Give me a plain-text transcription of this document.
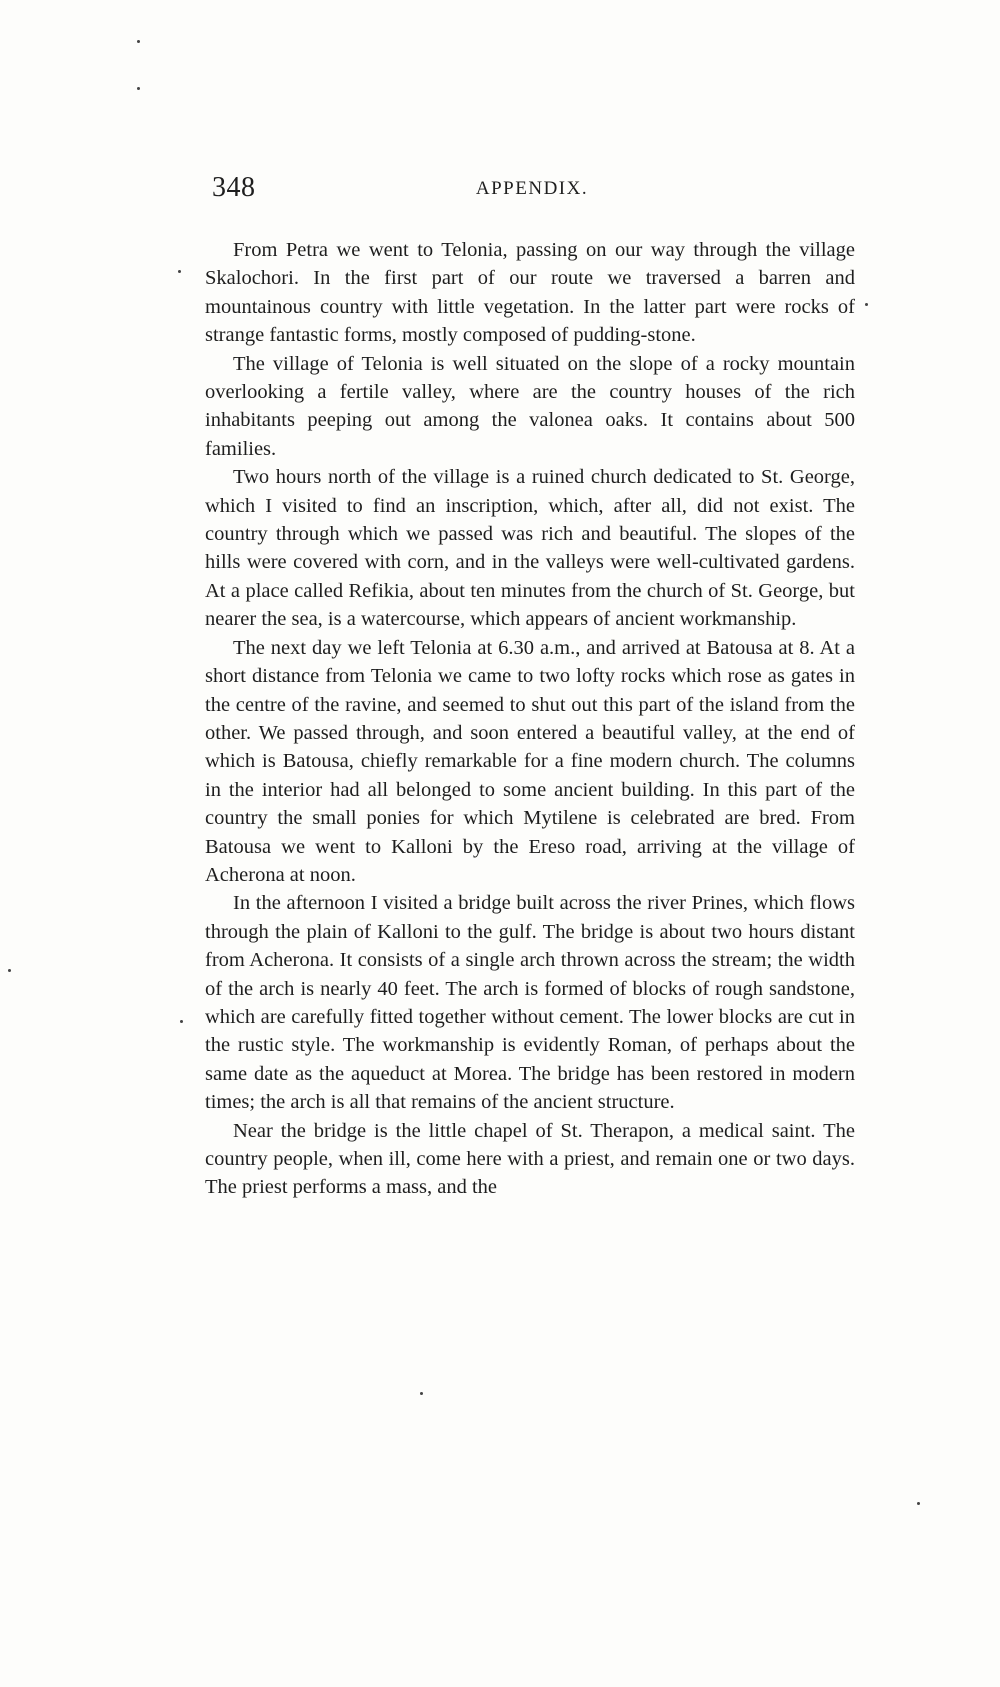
348	APPENDIX.

From Petra we went to Telonia, passing on our way through the village Skalochori. In the first part of our route we traversed a barren and mountainous country with little vegetation. In the latter part were rocks of strange fantastic forms, mostly composed of pudding-stone.

The village of Telonia is well situated on the slope of a rocky mountain overlooking a fertile valley, where are the country houses of the rich inhabitants peeping out among the valonea oaks. It contains about 500 families.

Two hours north of the village is a ruined church dedicated to St. George, which I visited to find an inscription, which, after all, did not exist. The country through which we passed was rich and beautiful. The slopes of the hills were covered with corn, and in the valleys were well-cultivated gardens. At a place called Refikia, about ten minutes from the church of St. George, but nearer the sea, is a watercourse, which appears of ancient workmanship.

The next day we left Telonia at 6.30 a.m., and arrived at Batousa at 8. At a short distance from Telonia we came to two lofty rocks which rose as gates in the centre of the ravine, and seemed to shut out this part of the island from the other. We passed through, and soon entered a beautiful valley, at the end of which is Batousa, chiefly remarkable for a fine modern church. The columns in the interior had all belonged to some ancient building. In this part of the country the small ponies for which Mytilene is celebrated are bred. From Batousa we went to Kalloni by the Ereso road, arriving at the village of Acherona at noon.

In the afternoon I visited a bridge built across the river Prines, which flows through the plain of Kalloni to the gulf. The bridge is about two hours distant from Acherona. It consists of a single arch thrown across the stream; the width of the arch is nearly 40 feet. The arch is formed of blocks of rough sandstone, which are carefully fitted together without cement. The lower blocks are cut in the rustic style. The workmanship is evidently Roman, of perhaps about the same date as the aqueduct at Morea. The bridge has been restored in modern times; the arch is all that remains of the ancient structure.

Near the bridge is the little chapel of St. Therapon, a medical saint. The country people, when ill, come here with a priest, and remain one or two days. The priest performs a mass, and the
